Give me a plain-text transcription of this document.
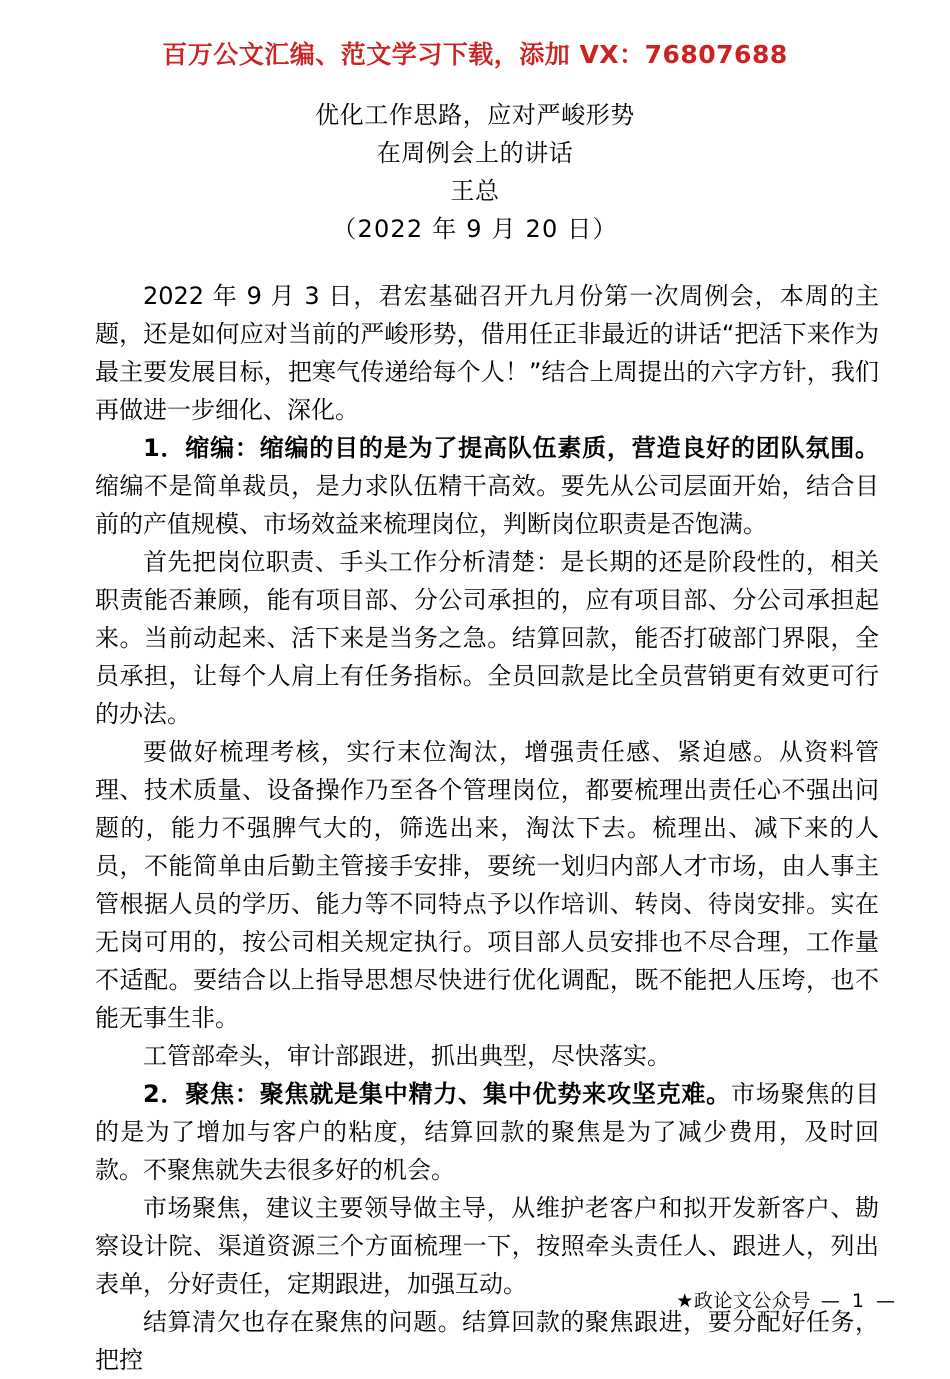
百万公文汇编、范文学习下载，添加 VX：76807688
优化工作思路，应对严峻形势
在周例会上的讲话
王总
（2022 年 9 月 20 日）

2022 年 9 月 3 日，君宏基础召开九月份第一次周例会，本周的主题，还是如何应对当前的严峻形势，借用任正非最近的讲话“把活下来作为最主要发展目标，把寒气传递给每个人！”结合上周提出的六字方针，我们再做进一步细化、深化。

1．缩编：缩编的目的是为了提高队伍素质，营造良好的团队氛围。缩编不是简单裁员，是力求队伍精干高效。要先从公司层面开始，结合目前的产值规模、市场效益来梳理岗位，判断岗位职责是否饱满。

首先把岗位职责、手头工作分析清楚：是长期的还是阶段性的，相关职责能否兼顾，能有项目部、分公司承担的，应有项目部、分公司承担起来。当前动起来、活下来是当务之急。结算回款，能否打破部门界限，全员承担，让每个人肩上有任务指标。全员回款是比全员营销更有效更可行的办法。

要做好梳理考核，实行末位淘汰，增强责任感、紧迫感。从资料管理、技术质量、设备操作乃至各个管理岗位，都要梳理出责任心不强出问题的，能力不强脾气大的，筛选出来，淘汰下去。梳理出、减下来的人员，不能简单由后勤主管接手安排，要统一划归内部人才市场，由人事主管根据人员的学历、能力等不同特点予以作培训、转岗、待岗安排。实在无岗可用的，按公司相关规定执行。项目部人员安排也不尽合理，工作量不适配。要结合以上指导思想尽快进行优化调配，既不能把人压垮，也不能无事生非。

工管部牵头，审计部跟进，抓出典型，尽快落实。

2．聚焦：聚焦就是集中精力、集中优势来攻坚克难。市场聚焦的目的是为了增加与客户的粘度，结算回款的聚焦是为了减少费用，及时回款。不聚焦就失去很多好的机会。

市场聚焦，建议主要领导做主导，从维护老客户和拟开发新客户、勘察设计院、渠道资源三个方面梳理一下，按照牵头责任人、跟进人，列出表单，分好责任，定期跟进，加强互动。

结算清欠也存在聚焦的问题。结算回款的聚焦跟进，要分配好任务，把控

★政论文公众号 — 1 —
